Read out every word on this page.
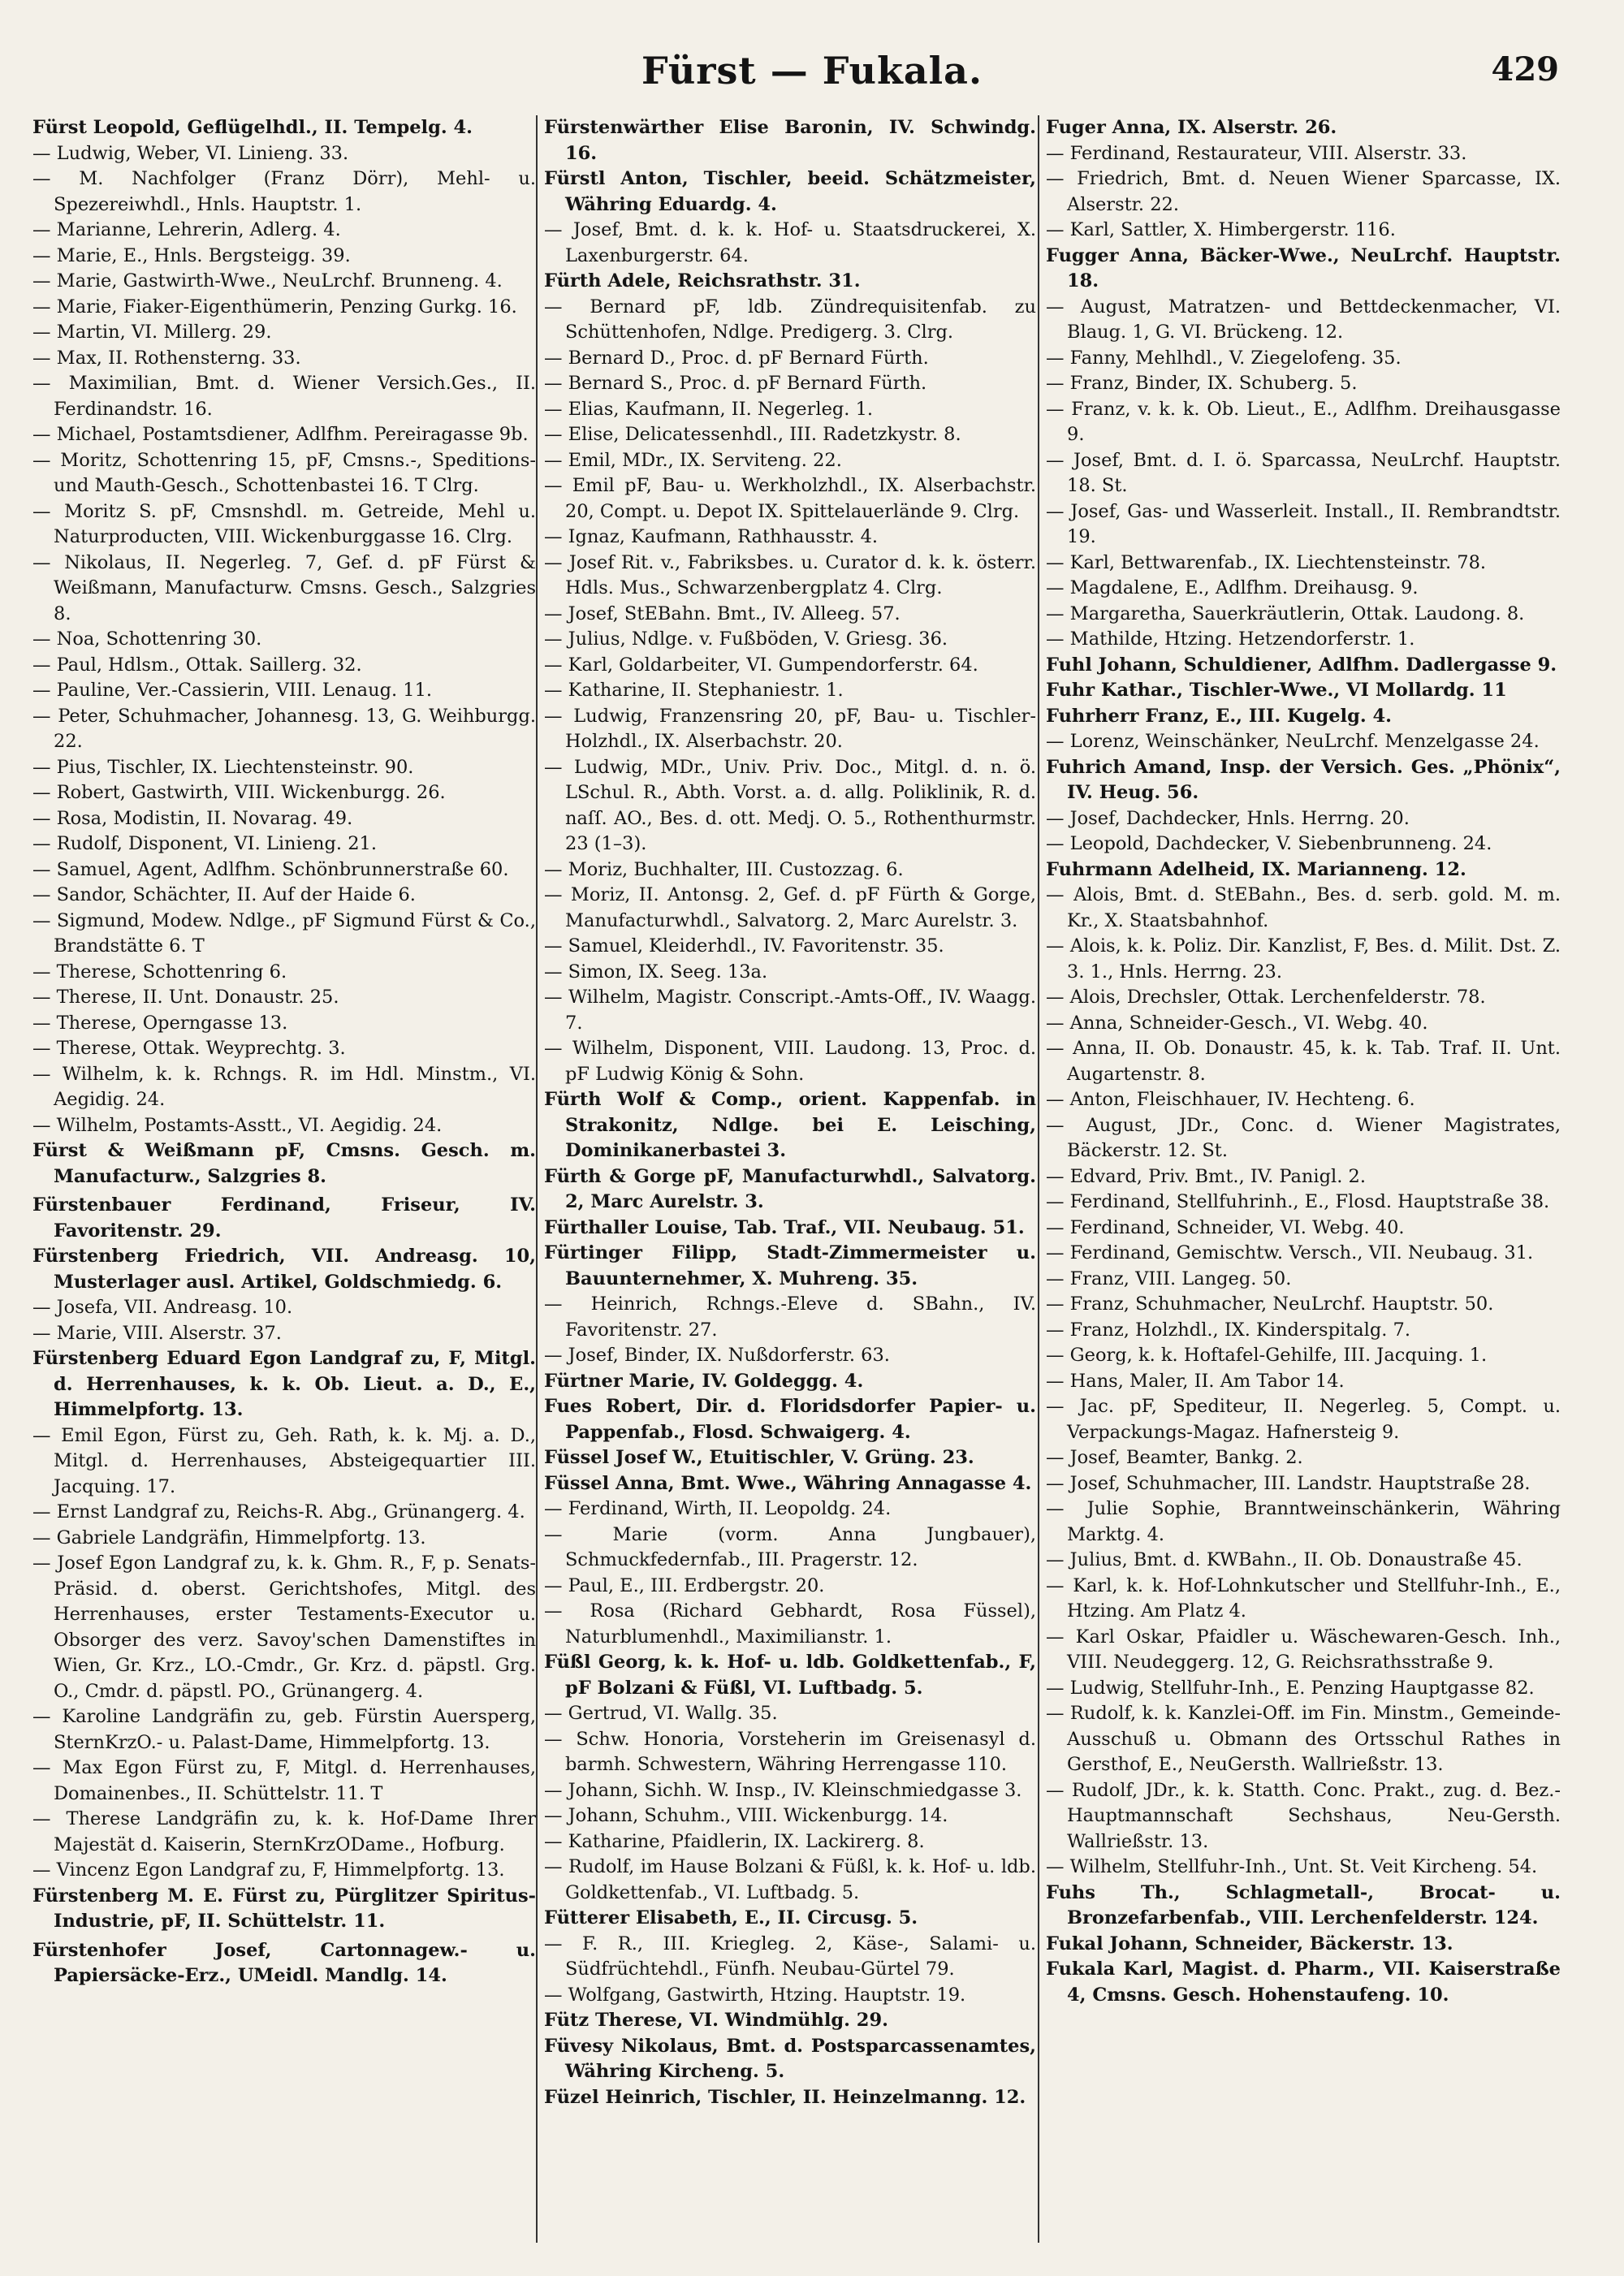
Fürst — Fukala.	429

Fürst Leopold, Geflügelhdl., II. Tempelg. 4.

— Ludwig, Weber, VI. Linieng. 33.

— M. Nachfolger (Franz Dörr), Mehl- u. Spezereiwhdl., Hnls. Hauptstr. 1.

— Marianne, Lehrerin, Adlerg. 4.

— Marie, E., Hnls. Bergsteigg. 39.

— Marie, Gastwirth-Wwe., NeuLrchf. Brunneng. 4.

— Marie, Fiaker-Eigenthümerin, Penzing Gurkg. 16.

— Martin, VI. Millerg. 29.

— Max, II. Rothensterng. 33.

— Maximilian, Bmt. d. Wiener Versich.Ges., II. Ferdinandstr. 16.

— Michael, Postamtsdiener, Adlfhm. Pereiragasse 9b.

— Moritz, Schottenring 15, pF, Cmsns.-, Speditions- und Mauth-Gesch., Schottenbastei 16. T Clrg.

— Moritz S. pF, Cmsnshdl. m. Getreide, Mehl u. Naturproducten, VIII. Wickenburggasse 16. Clrg.

— Nikolaus, II. Negerleg. 7, Gef. d. pF Fürst & Weißmann, Manufacturw. Cmsns. Gesch., Salzgries 8.

— Noa, Schottenring 30.

— Paul, Hdlsm., Ottak. Saillerg. 32.

— Pauline, Ver.-Cassierin, VIII. Lenaug. 11.

— Peter, Schuhmacher, Johannesg. 13, G. Weihburgg. 22.

— Pius, Tischler, IX. Liechtensteinstr. 90.

— Robert, Gastwirth, VIII. Wickenburgg. 26.

— Rosa, Modistin, II. Novarag. 49.

— Rudolf, Disponent, VI. Linieng. 21.

— Samuel, Agent, Adlfhm. Schönbrunnerstraße 60.

— Sandor, Schächter, II. Auf der Haide 6.

— Sigmund, Modew. Ndlge., pF Sigmund Fürst & Co., Brandstätte 6. T

— Therese, Schottenring 6.

— Therese, II. Unt. Donaustr. 25.

— Therese, Operngasse 13.

— Therese, Ottak. Weyprechtg. 3.

— Wilhelm, k. k. Rchngs. R. im Hdl. Minstm., VI. Aegidig. 24.

— Wilhelm, Postamts-Asstt., VI. Aegidig. 24.

Fürst & Weißmann pF, Cmsns. Gesch. m. Manufacturw., Salzgries 8.

Fürstenbauer Ferdinand, Friseur, IV. Favoritenstr. 29.

Fürstenberg Friedrich, VII. Andreasg. 10, Musterlager ausl. Artikel, Goldschmiedg. 6.

— Josefa, VII. Andreasg. 10.

— Marie, VIII. Alserstr. 37.

Fürstenberg Eduard Egon Landgraf zu, F, Mitgl. d. Herrenhauses, k. k. Ob. Lieut. a. D., E., Himmelpfortg. 13.

— Emil Egon, Fürst zu, Geh. Rath, k. k. Mj. a. D., Mitgl. d. Herrenhauses, Absteigequartier III. Jacquing. 17.

— Ernst Landgraf zu, Reichs-R. Abg., Grünangerg. 4.

— Gabriele Landgräfin, Himmelpfortg. 13.

— Josef Egon Landgraf zu, k. k. Ghm. R., F, p. Senats-Präsid. d. oberst. Gerichtshofes, Mitgl. des Herrenhauses, erster Testaments-Executor u. Obsorger des verz. Savoy'schen Damenstiftes in Wien, Gr. Krz., LO.-Cmdr., Gr. Krz. d. päpstl. Grg. O., Cmdr. d. päpstl. PO., Grünangerg. 4.

— Karoline Landgräfin zu, geb. Fürstin Auersperg, SternKrzO.- u. Palast-Dame, Himmelpfortg. 13.

— Max Egon Fürst zu, F, Mitgl. d. Herrenhauses, Domainenbes., II. Schüttelstr. 11. T

— Therese Landgräfin zu, k. k. Hof-Dame Ihrer Majestät d. Kaiserin, SternKrzODame., Hofburg.

— Vincenz Egon Landgraf zu, F, Himmelpfortg. 13.

Fürstenberg M. E. Fürst zu, Pürglitzer Spiritus-Industrie, pF, II. Schüttelstr. 11.

Fürstenhofer Josef, Cartonnagew.- u. Papiersäcke-Erz., UMeidl. Mandlg. 14.

Fürstenwärther Elise Baronin, IV. Schwindg. 16.

Fürstl Anton, Tischler, beeid. Schätzmeister, Währing Eduardg. 4.

— Josef, Bmt. d. k. k. Hof- u. Staatsdruckerei, X. Laxenburgerstr. 64.

Fürth Adele, Reichsrathstr. 31.

— Bernard pF, ldb. Zündrequisitenfab. zu Schüttenhofen, Ndlge. Predigerg. 3. Clrg.

— Bernard D., Proc. d. pF Bernard Fürth.

— Bernard S., Proc. d. pF Bernard Fürth.

— Elias, Kaufmann, II. Negerleg. 1.

— Elise, Delicatessenhdl., III. Radetzkystr. 8.

— Emil, MDr., IX. Servitenɡ. 22.

— Emil pF, Bau- u. Werkholzhdl., IX. Alserbachstr. 20, Compt. u. Depot IX. Spittelauerlände 9. Clrg.

— Ignaz, Kaufmann, Rathhausstr. 4.

— Josef Rit. v., Fabriksbes. u. Curator d. k. k. österr. Hdls. Mus., Schwarzenbergplatz 4. Clrg.

— Josef, StEBahn. Bmt., IV. Alleeg. 57.

— Julius, Ndlge. v. Fußböden, V. Griesg. 36.

— Karl, Goldarbeiter, VI. Gumpendorferstr. 64.

— Katharine, II. Stephaniestr. 1.

— Ludwig, Franzensring 20, pF, Bau- u. Tischler-Holzhdl., IX. Alserbachstr. 20.

— Ludwig, MDr., Univ. Priv. Doc., Mitgl. d. n. ö. LSchul. R., Abth. Vorst. a. d. allg. Poliklinik, R. d. naſſ. AO., Bes. d. ott. Medj. O. 5., Rothenthurmstr. 23 (1–3).

— Moriz, Buchhalter, III. Custozzag. 6.

— Moriz, II. Antonsg. 2, Gef. d. pF Fürth & Gorge, Manufacturwhdl., Salvatorg. 2, Marc Aurelstr. 3.

— Samuel, Kleiderhdl., IV. Favoritenstr. 35.

— Simon, IX. Seeg. 13a.

— Wilhelm, Magistr. Conscript.-Amts-Off., IV. Waagg. 7.

— Wilhelm, Disponent, VIII. Laudong. 13, Proc. d. pF Ludwig König & Sohn.

Fürth Wolf & Comp., orient. Kappenfab. in Strakonitz, Ndlge. bei E. Leisching, Dominikanerbastei 3.

Fürth & Gorge pF, Manufacturwhdl., Salvatorg. 2, Marc Aurelstr. 3.

Fürthaller Louise, Tab. Traf., VII. Neubaug. 51.

Fürtinger Filipp, Stadt-Zimmermeister u. Bauunternehmer, X. Muhreng. 35.

— Heinrich, Rchngs.-Eleve d. SBahn., IV. Favoritenstr. 27.

— Josef, Binder, IX. Nußdorferstr. 63.

Fürtner Marie, IV. Goldeggg. 4.

Fues Robert, Dir. d. Floridsdorfer Papier- u. Pappenfab., Flosd. Schwaigerg. 4.

Füssel Josef W., Etuitischler, V. Grüng. 23.

Füssel Anna, Bmt. Wwe., Währing Annagasse 4.

— Ferdinand, Wirth, II. Leopoldg. 24.

— Marie (vorm. Anna Jungbauer), Schmuckfedernfab., III. Pragerstr. 12.

— Paul, E., III. Erdbergstr. 20.

— Rosa (Richard Gebhardt, Rosa Füssel), Naturblumenhdl., Maximilianstr. 1.

Füßl Georg, k. k. Hof- u. ldb. Goldkettenfab., F, pF Bolzani & Füßl, VI. Luftbadg. 5.

— Gertrud, VI. Wallg. 35.

— Schw. Honoria, Vorsteherin im Greisenasyl d. barmh. Schwestern, Währing Herrengasse 110.

— Johann, Sichh. W. Insp., IV. Kleinschmiedgasse 3.

— Johann, Schuhm., VIII. Wickenburgg. 14.

— Katharine, Pfaidlerin, IX. Lackirerg. 8.

— Rudolf, im Hause Bolzani & Füßl, k. k. Hof- u. ldb. Goldkettenfab., VI. Luftbadg. 5.

Fütterer Elisabeth, E., II. Circusg. 5.

— F. R., III. Kriegleg. 2, Käse-, Salami- u. Südfrüchtehdl., Fünfh. Neubau-Gürtel 79.

— Wolfgang, Gastwirth, Htzing. Hauptstr. 19.

Fütz Therese, VI. Windmühlg. 29.

Füvesy Nikolaus, Bmt. d. Postsparcassenamtes, Währing Kircheng. 5.

Füzel Heinrich, Tischler, II. Heinzelmanng. 12.

Fuger Anna, IX. Alserstr. 26.

— Ferdinand, Restaurateur, VIII. Alserstr. 33.

— Friedrich, Bmt. d. Neuen Wiener Sparcasse, IX. Alserstr. 22.

— Karl, Sattler, X. Himbergerstr. 116.

Fugger Anna, Bäcker-Wwe., NeuLrchf. Hauptstr. 18.

— August, Matratzen- und Bettdeckenmacher, VI. Blaug. 1, G. VI. Brückeng. 12.

— Fanny, Mehlhdl., V. Ziegelofeng. 35.

— Franz, Binder, IX. Schuberg. 5.

— Franz, v. k. k. Ob. Lieut., E., Adlfhm. Dreihausgasse 9.

— Josef, Bmt. d. I. ö. Sparcassa, NeuLrchf. Hauptstr. 18. St.

— Josef, Gas- und Wasserleit. Install., II. Rembrandtstr. 19.

— Karl, Bettwarenfab., IX. Liechtensteinstr. 78.

— Magdalene, E., Adlfhm. Dreihausg. 9.

— Margaretha, Sauerkräutlerin, Ottak. Laudong. 8.

— Mathilde, Htzing. Hetzendorferstr. 1.

Fuhl Johann, Schuldiener, Adlfhm. Dadlergasse 9.

Fuhr Kathar., Tischler-Wwe., VI Mollardg. 11

Fuhrherr Franz, E., III. Kugelg. 4.

— Lorenz, Weinschänker, NeuLrchf. Menzelgasse 24.

Fuhrich Amand, Insp. der Versich. Ges. „Phönix“, IV. Heug. 56.

— Josef, Dachdecker, Hnls. Herrng. 20.

— Leopold, Dachdecker, V. Siebenbrunneng. 24.

Fuhrmann Adelheid, IX. Marianneng. 12.

— Alois, Bmt. d. StEBahn., Bes. d. serb. gold. M. m. Kr., X. Staatsbahnhof.

— Alois, k. k. Poliz. Dir. Kanzlist, F, Bes. d. Milit. Dst. Z. 3. 1., Hnls. Herrng. 23.

— Alois, Drechsler, Ottak. Lerchenfelderstr. 78.

— Anna, Schneider-Gesch., VI. Webg. 40.

— Anna, II. Ob. Donaustr. 45, k. k. Tab. Traf. II. Unt. Augartenstr. 8.

— Anton, Fleischhauer, IV. Hechteng. 6.

— August, JDr., Conc. d. Wiener Magistrates, Bäckerstr. 12. St.

— Edvard, Priv. Bmt., IV. Panigl. 2.

— Ferdinand, Stellfuhrinh., E., Flosd. Hauptstraße 38.

— Ferdinand, Schneider, VI. Webg. 40.

— Ferdinand, Gemischtw. Versch., VII. Neubaug. 31.

— Franz, VIII. Langeg. 50.

— Franz, Schuhmacher, NeuLrchf. Hauptstr. 50.

— Franz, Holzhdl., IX. Kinderspitalg. 7.

— Georg, k. k. Hoftafel-Gehilfe, III. Jacquing. 1.

— Hans, Maler, II. Am Tabor 14.

— Jac. pF, Spediteur, II. Negerleg. 5, Compt. u. Verpackungs-Magaz. Hafnersteig 9.

— Josef, Beamter, Bankg. 2.

— Josef, Schuhmacher, III. Landstr. Hauptstraße 28.

— Julie Sophie, Branntweinschänkerin, Währing Marktg. 4.

— Julius, Bmt. d. KWBahn., II. Ob. Donaustraße 45.

— Karl, k. k. Hof-Lohnkutscher und Stellfuhr-Inh., E., Htzing. Am Platz 4.

— Karl Oskar, Pfaidler u. Wäschewaren-Gesch. Inh., VIII. Neudeggerg. 12, G. Reichsrathsstraße 9.

— Ludwig, Stellfuhr-Inh., E. Penzing Hauptgasse 82.

— Rudolf, k. k. Kanzlei-Off. im Fin. Minstm., Gemeinde-Ausschuß u. Obmann des Ortsschul Rathes in Gersthof, E., NeuGersth. Wallrießstr. 13.

— Rudolf, JDr., k. k. Statth. Conc. Prakt., zug. d. Bez.-Hauptmannschaft Sechshaus, Neu-Gersth. Wallrießstr. 13.

— Wilhelm, Stellfuhr-Inh., Unt. St. Veit Kircheng. 54.

Fuhs Th., Schlagmetall-, Brocat- u. Bronzefarbenfab., VIII. Lerchenfelderstr. 124.

Fukal Johann, Schneider, Bäckerstr. 13.

Fukala Karl, Magist. d. Pharm., VII. Kaiserstraße 4, Cmsns. Gesch. Hohenstaufeng. 10.
